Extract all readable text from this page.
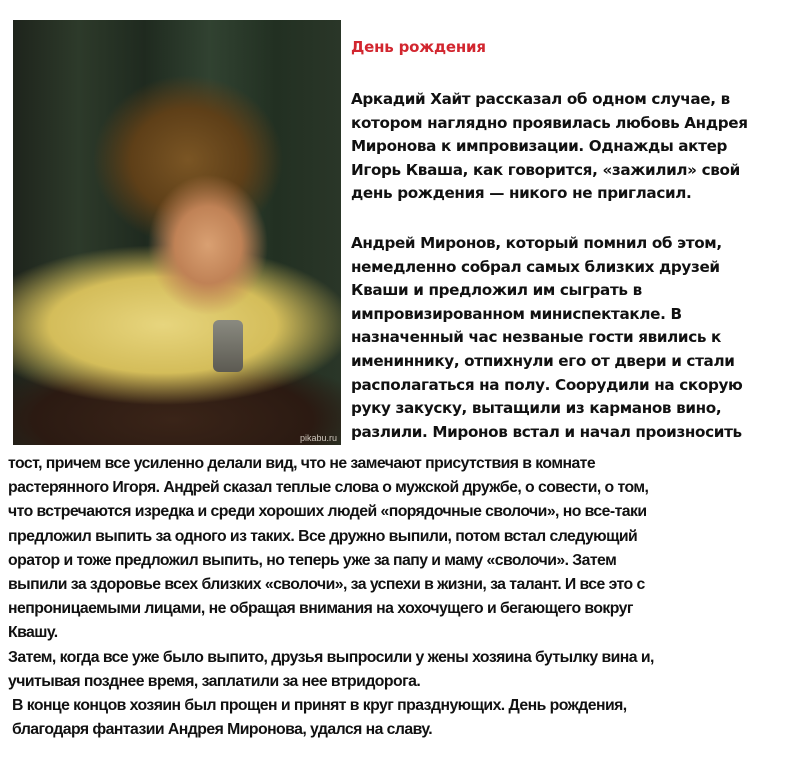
pikabu.ru
День рождения
Аркадий Хайт рассказал об одном случае, в
котором наглядно проявилась любовь Андрея
Миронова к импровизации. Однажды актер
Игорь Кваша, как говорится, «зажилил» свой
день рождения — никого не пригласил.
Андрей Миронов, который помнил об этом,
немедленно собрал самых близких друзей
Кваши и предложил им сыграть в
импровизированном миниспектакле. В
назначенный час незваные гости явились к
имениннику, отпихнули его от двери и стали
располагаться на полу. Соорудили на скорую
руку закуску, вытащили из карманов вино,
разлили. Миронов встал и начал произносить
тост, причем все усиленно делали вид, что не замечают присутствия в комнате
растерянного Игоря. Андрей сказал теплые слова о мужской дружбе, о совести, о том,
что встречаются изредка и среди хороших людей «порядочные сволочи», но все-таки
предложил выпить за одного из таких. Все дружно выпили, потом встал следующий
оратор и тоже предложил выпить, но теперь уже за папу и маму «сволочи». Затем
выпили за здоровье всех близких «сволочи», за успехи в жизни, за талант. И все это с
непроницаемыми лицами, не обращая внимания на хохочущего и бегающего вокруг
Квашу.
Затем, когда все уже было выпито, друзья выпросили у жены хозяина бутылку вина и,
учитывая позднее время, заплатили за нее втридорога.
В конце концов хозяин был прощен и принят в круг празднующих. День рождения,
благодаря фантазии Андрея Миронова, удался на славу.
